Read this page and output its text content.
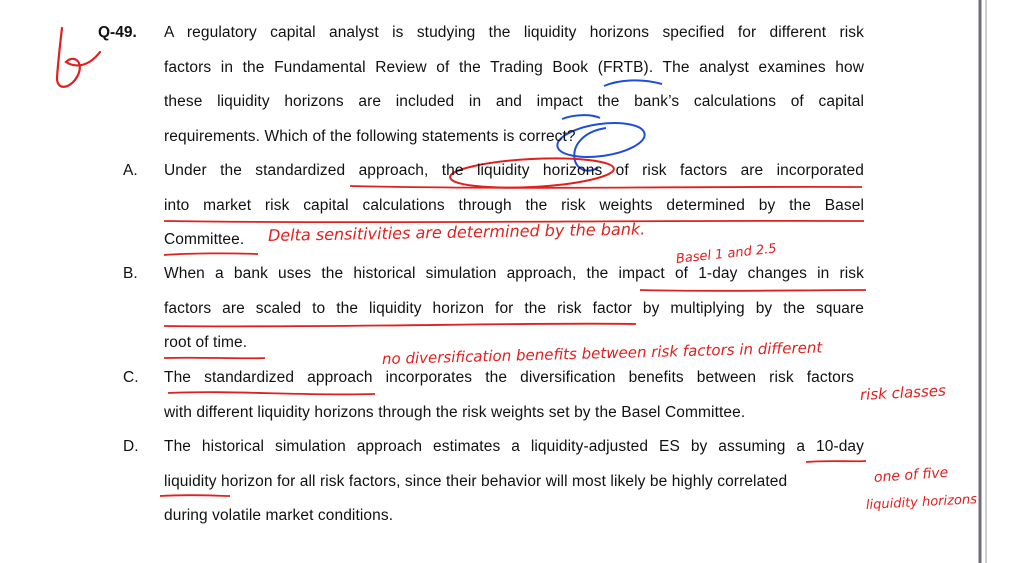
Q-49. A regulatory capital analyst is studying the liquidity horizons specified for different risk
factors in the Fundamental Review of the Trading Book (FRTB). The analyst examines how
these liquidity horizons are included in and impact the bank’s calculations of capital
requirements. Which of the following statements is correct?
A. Under the standardized approach, the liquidity horizons of risk factors are incorporated
into market risk capital calculations through the risk weights determined by the Basel
Committee. Delta sensitivities are determined by the bank.
Basel 1 and 2.5
B. When a bank uses the historical simulation approach, the impact of 1-day changes in risk
factors are scaled to the liquidity horizon for the risk factor by multiplying by the square
root of time.	no diversification benefits between risk factors in different
C. The standardized approach incorporates the diversification benefits between risk factors
risk classes
with different liquidity horizons through the risk weights set by the Basel Committee.
D. The historical simulation approach estimates a liquidity-adjusted ES by assuming a 10-day
liquidity horizon for all risk factors, since their behavior will most likely be highly correlated	one of five
during volatile market conditions.
liquidity horizons
